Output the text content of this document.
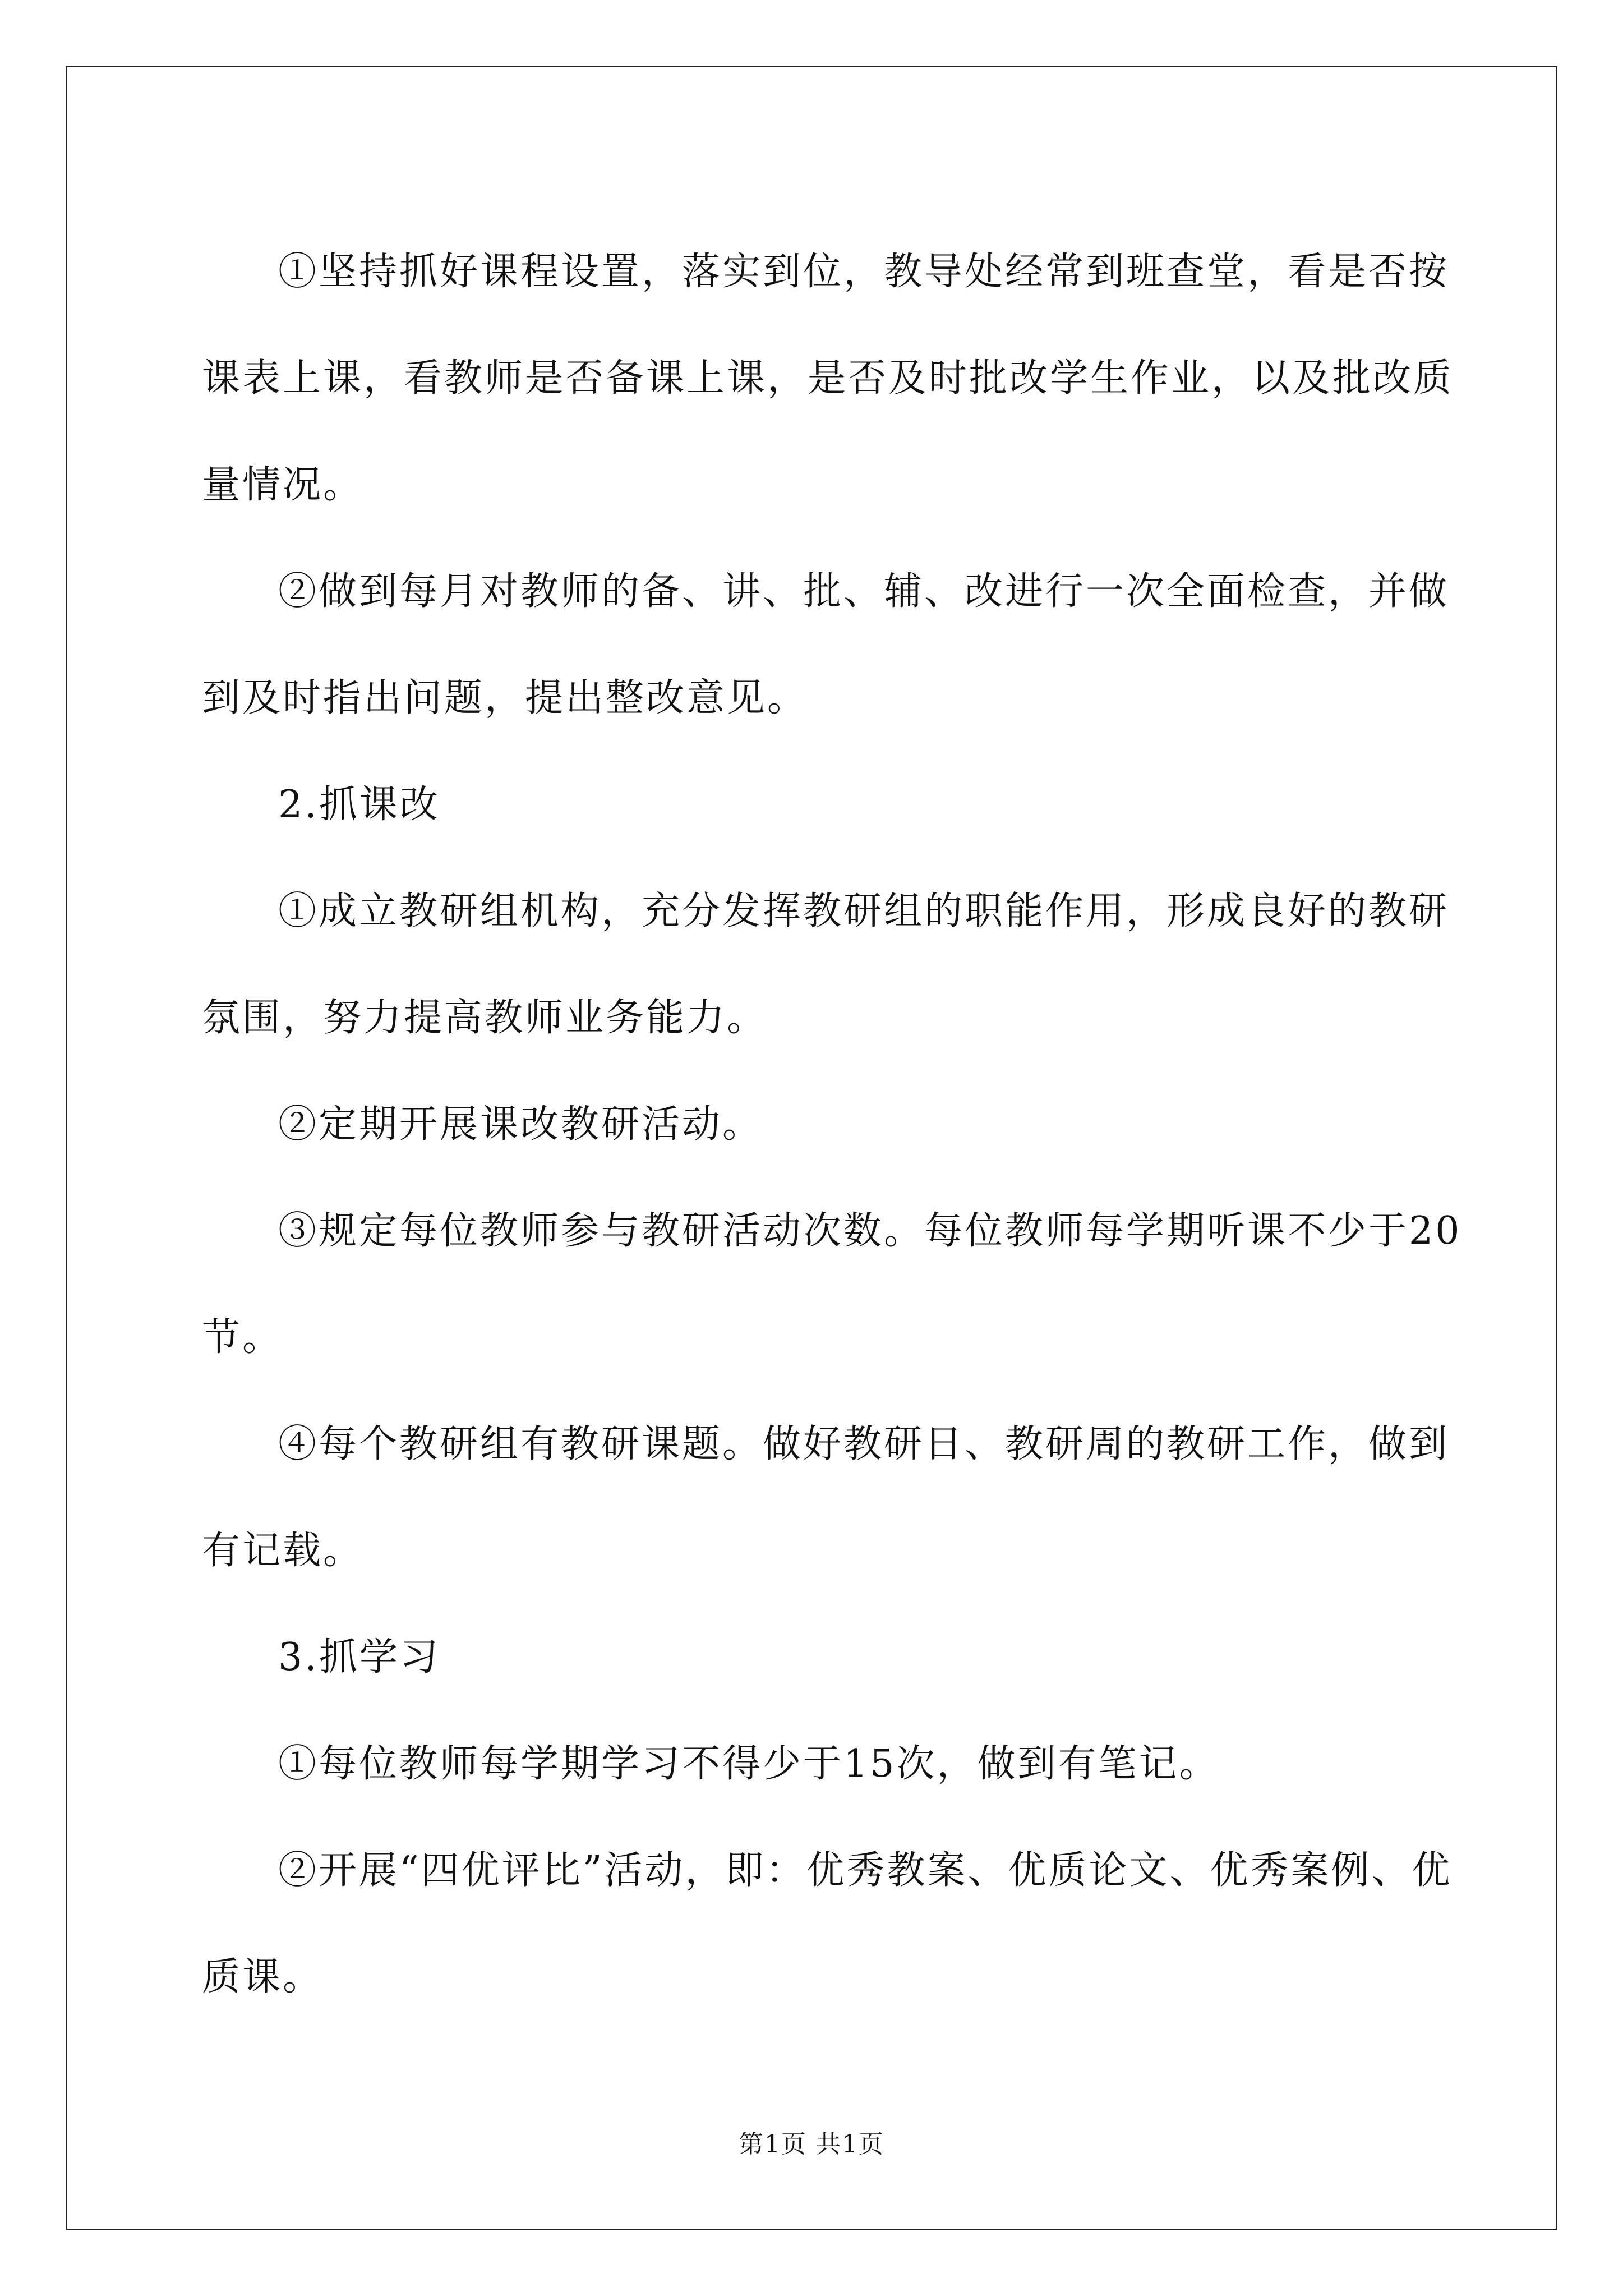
①坚持抓好课程设置，落实到位，教导处经常到班查堂，看是否按课表上课，看教师是否备课上课，是否及时批改学生作业，以及批改质量情况。

②做到每月对教师的备、讲、批、辅、改进行一次全面检查，并做到及时指出问题，提出整改意见。

2.抓课改

①成立教研组机构，充分发挥教研组的职能作用，形成良好的教研氛围，努力提高教师业务能力。

②定期开展课改教研活动。

③规定每位教师参与教研活动次数。每位教师每学期听课不少于20节。

④每个教研组有教研课题。做好教研日、教研周的教研工作，做到有记载。

3.抓学习

①每位教师每学期学习不得少于15次，做到有笔记。

②开展“四优评比”活动，即：优秀教案、优质论文、优秀案例、优质课。

第1页 共1页
